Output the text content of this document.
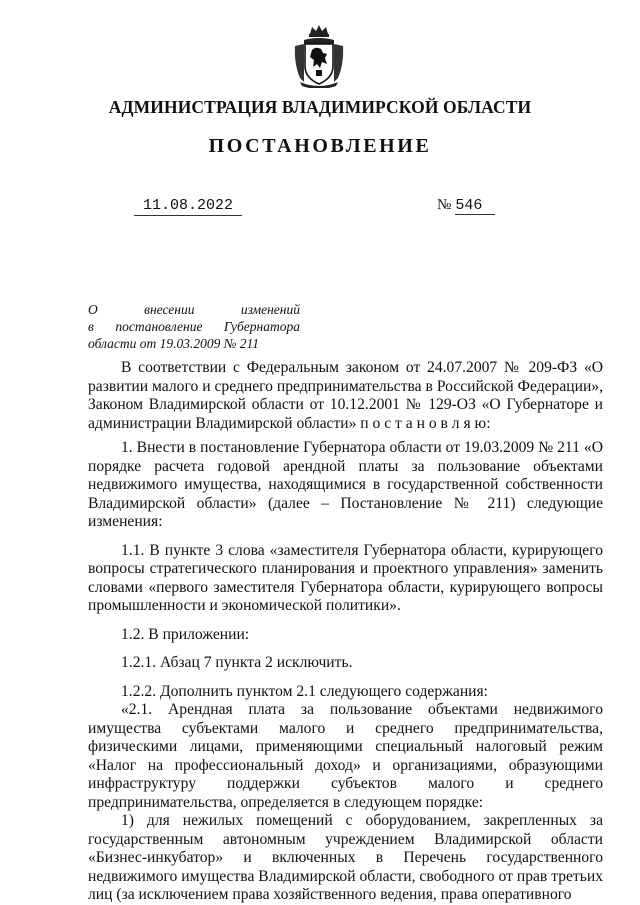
АДМИНИСТРАЦИЯ ВЛАДИМИРСКОЙ ОБЛАСТИ
ПОСТАНОВЛЕНИЕ
11.08.2022	№ 546
О	внесении	изменений
в постановление Губернатора
области от 19.03.2009 № 211
В соответствии с Федеральным законом от 24.07.2007 № 209-ФЗ «О развитии малого и среднего предпринимательства в Российской Федерации», Законом Владимирской области от 10.12.2001 № 129-ОЗ «О Губернаторе и администрации Владимирской области» п о с т а н о в л я ю:
1. Внести в постановление Губернатора области от 19.03.2009 № 211 «О порядке расчета годовой арендной платы за пользование объектами недвижимого имущества, находящимися в государственной собственности Владимирской области» (далее – Постановление № 211) следующие изменения:
1.1. В пункте 3 слова «заместителя Губернатора области, курирующего вопросы стратегического планирования и проектного управления» заменить словами «первого заместителя Губернатора области, курирующего вопросы промышленности и экономической политики».
1.2. В приложении:
1.2.1. Абзац 7 пункта 2 исключить.
1.2.2. Дополнить пунктом 2.1 следующего содержания:
«2.1. Арендная плата за пользование объектами недвижимого имущества субъектами малого и среднего предпринимательства, физическими лицами, применяющими специальный налоговый режим «Налог на профессиональный доход» и организациями, образующими инфраструктуру поддержки субъектов малого и среднего предпринимательства, определяется в следующем порядке:
1) для нежилых помещений с оборудованием, закрепленных за государственным автономным учреждением Владимирской области «Бизнес-инкубатор» и включенных в Перечень государственного недвижимого имущества Владимирской области, свободного от прав третьих лиц (за исключением права хозяйственного ведения, права оперативного
